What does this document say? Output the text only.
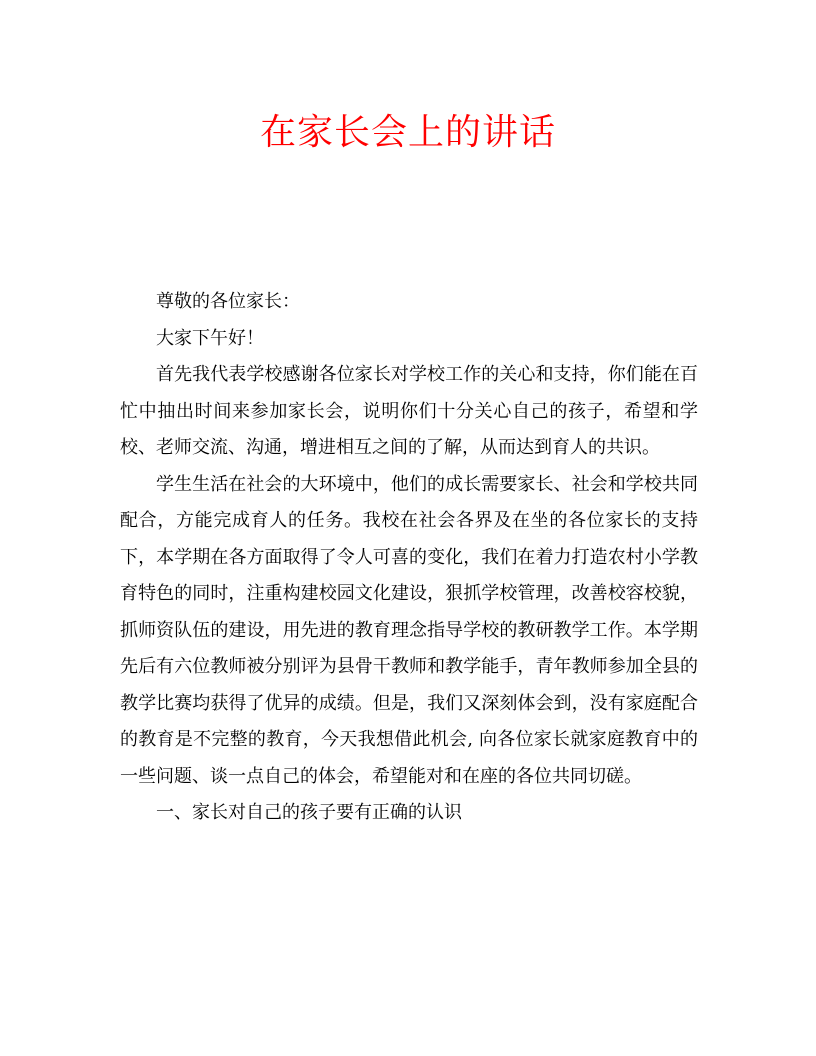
在家长会上的讲话

尊敬的各位家长：

大家下午好！

首先我代表学校感谢各位家长对学校工作的关心和支持，你们能在百忙中抽出时间来参加家长会，说明你们十分关心自己的孩子，希望和学校、老师交流、沟通，增进相互之间的了解，从而达到育人的共识。

学生生活在社会的大环境中，他们的成长需要家长、社会和学校共同配合，方能完成育人的任务。我校在社会各界及在坐的各位家长的支持下，本学期在各方面取得了令人可喜的变化，我们在着力打造农村小学教育特色的同时，注重构建校园文化建设，狠抓学校管理，改善校容校貌，抓师资队伍的建设，用先进的教育理念指导学校的教研教学工作。本学期先后有六位教师被分别评为县骨干教师和教学能手，青年教师参加全县的教学比赛均获得了优异的成绩。但是，我们又深刻体会到，没有家庭配合的教育是不完整的教育，今天我想借此机会, 向各位家长就家庭教育中的一些问题、谈一点自己的体会，希望能对和在座的各位共同切磋。

一、家长对自己的孩子要有正确的认识
